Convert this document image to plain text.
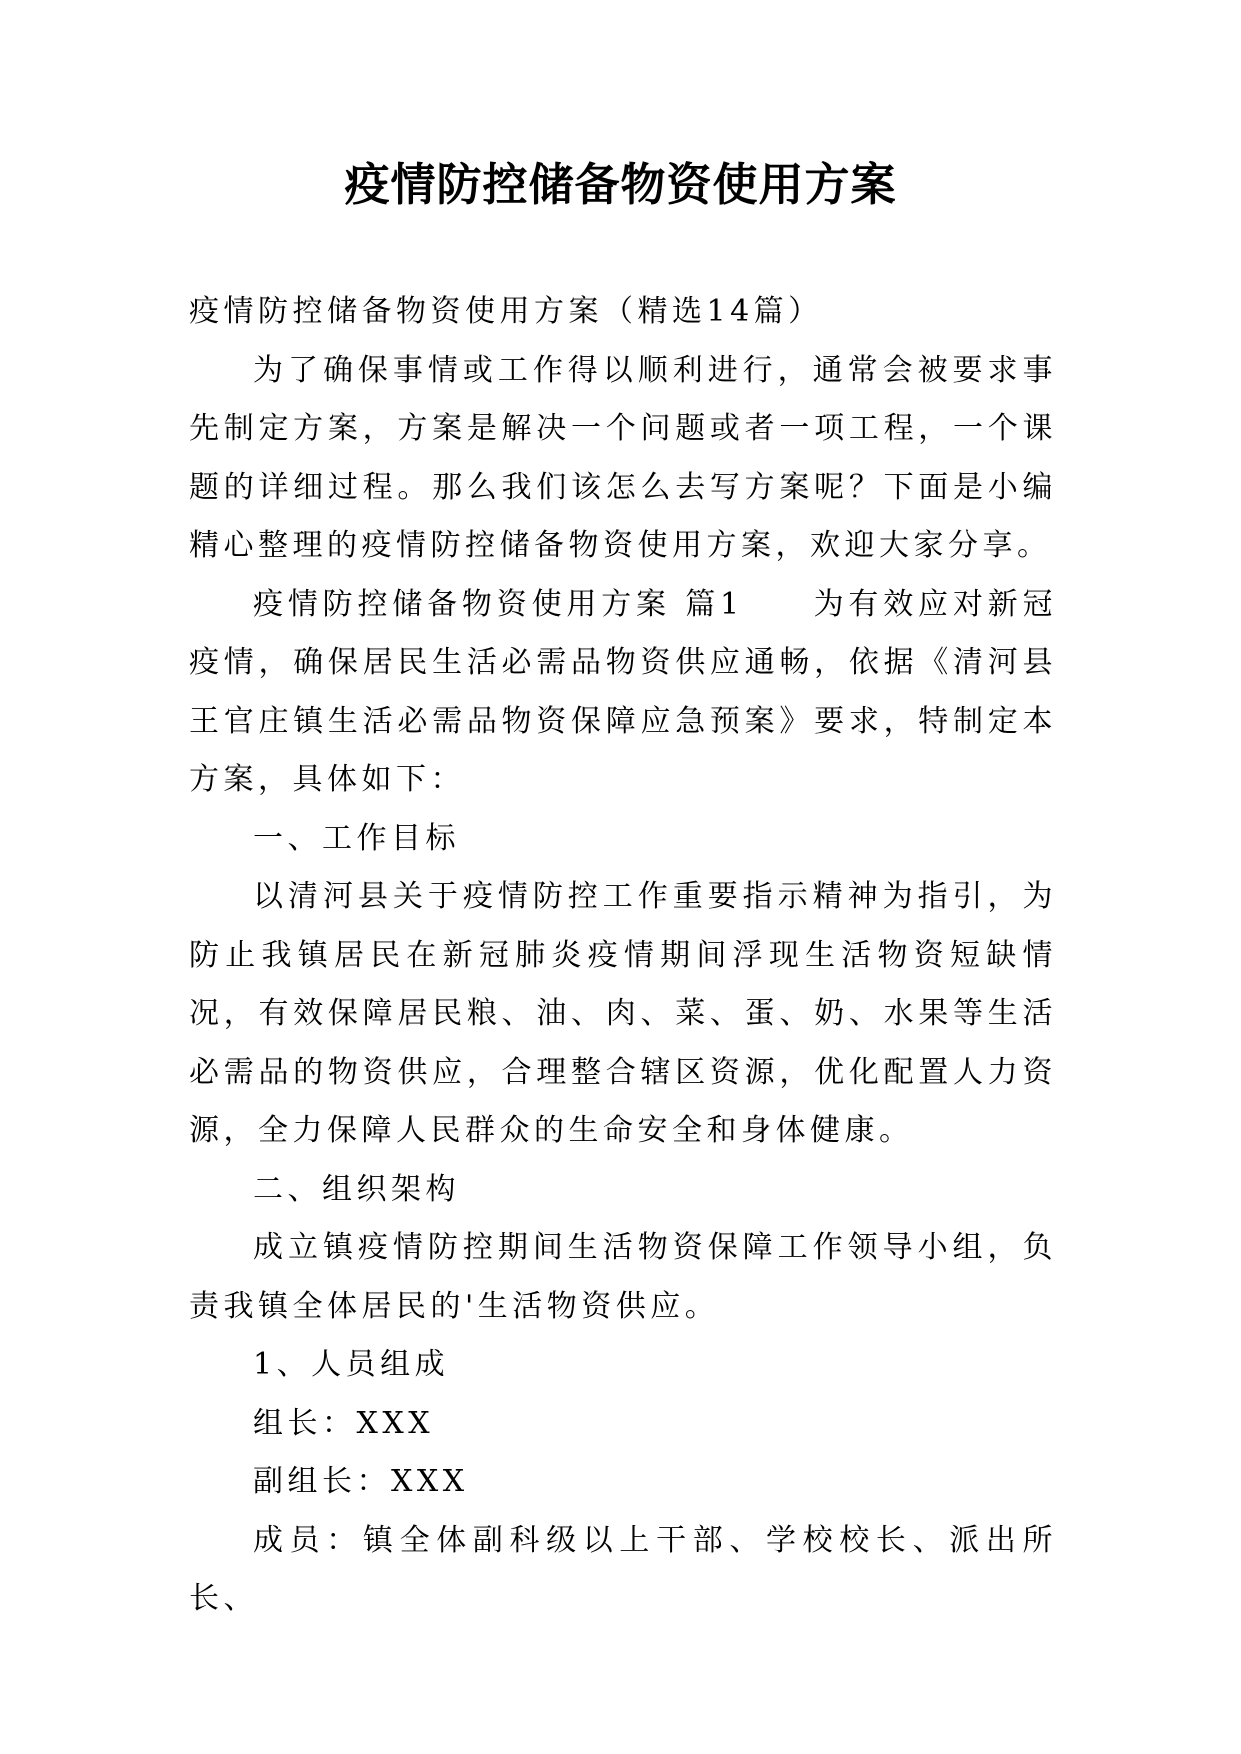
疫情防控储备物资使用方案

疫情防控储备物资使用方案（精选14篇）

为了确保事情或工作得以顺利进行，通常会被要求事先制定方案，方案是解决一个问题或者一项工程，一个课题的详细过程。那么我们该怎么去写方案呢？下面是小编精心整理的疫情防控储备物资使用方案，欢迎大家分享。

疫情防控储备物资使用方案 篇1　　为有效应对新冠疫情，确保居民生活必需品物资供应通畅，依据《清河县王官庄镇生活必需品物资保障应急预案》要求，特制定本方案，具体如下：

一、工作目标

以清河县关于疫情防控工作重要指示精神为指引，为防止我镇居民在新冠肺炎疫情期间浮现生活物资短缺情况，有效保障居民粮、油、肉、菜、蛋、奶、水果等生活必需品的物资供应，合理整合辖区资源，优化配置人力资源，全力保障人民群众的生命安全和身体健康。

二、组织架构

成立镇疫情防控期间生活物资保障工作领导小组，负责我镇全体居民的'生活物资供应。

1、人员组成

组长：XXX

副组长：XXX

成员：镇全体副科级以上干部、学校校长、派出所长、
